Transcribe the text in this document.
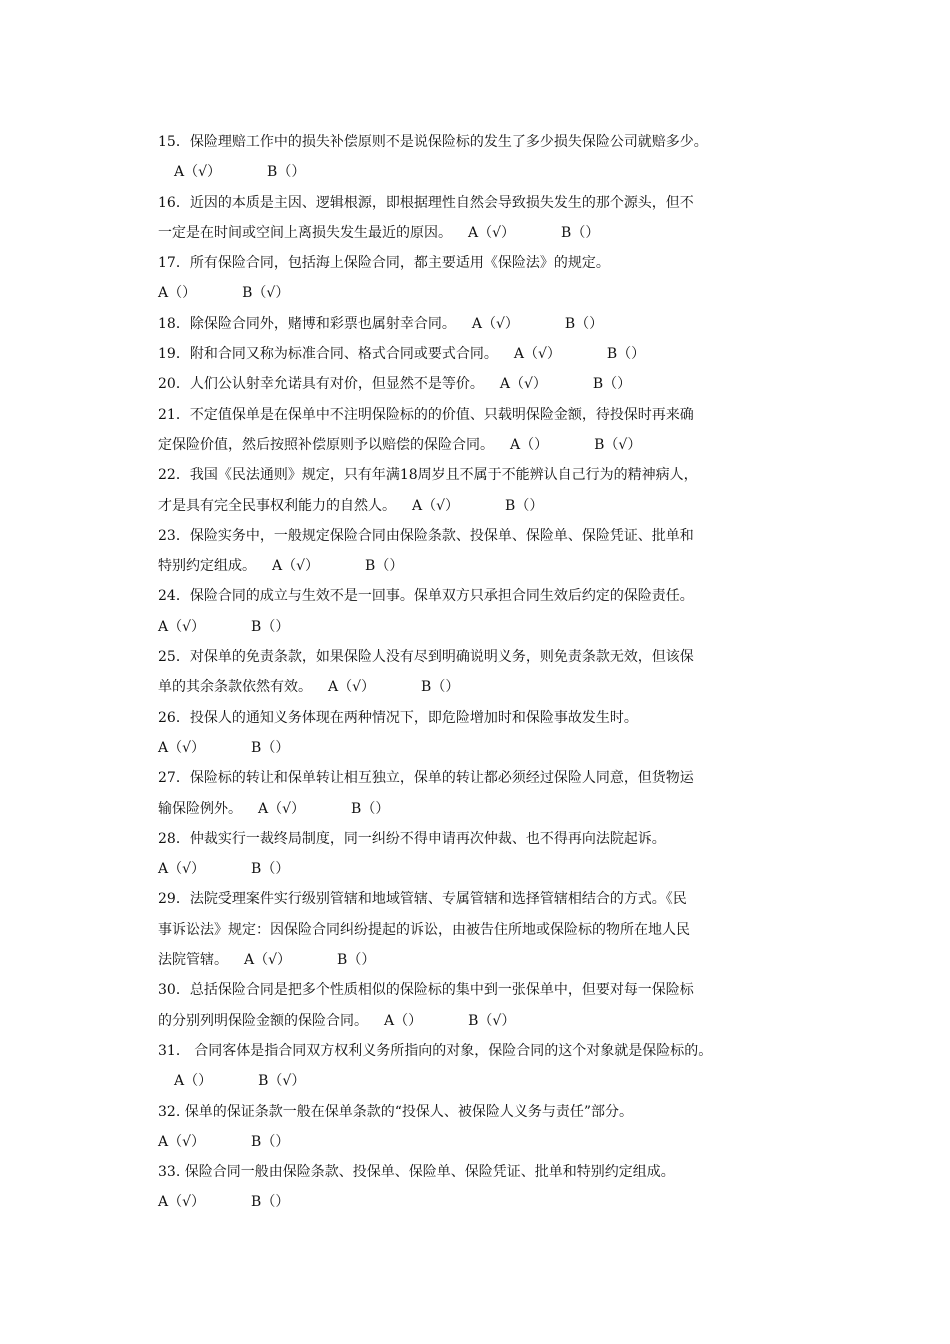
15．保险理赔工作中的损失补偿原则不是说保险标的发生了多少损失保险公司就赔多少。
A（√）	B（）
16．近因的本质是主因、逻辑根源，即根据理性自然会导致损失发生的那个源头，但不
一定是在时间或空间上离损失发生最近的原因。 A（√）	B（）
17．所有保险合同，包括海上保险合同，都主要适用《保险法》的规定。
A（）	B（√）
18．除保险合同外，赌博和彩票也属射幸合同。 A（√）	B（）
19．附和合同又称为标准合同、格式合同或要式合同。 A（√）	B（）
20．人们公认射幸允诺具有对价，但显然不是等价。 A（√）	B（）
21．不定值保单是在保单中不注明保险标的的价值、只载明保险金额，待投保时再来确
定保险价值，然后按照补偿原则予以赔偿的保险合同。 A（）	B（√）
22．我国《民法通则》规定，只有年满18周岁且不属于不能辨认自己行为的精神病人，
才是具有完全民事权利能力的自然人。 A（√）	B（）
23．保险实务中，一般规定保险合同由保险条款、投保单、保险单、保险凭证、批单和
特别约定组成。 A（√）	B（）
24．保险合同的成立与生效不是一回事。保单双方只承担合同生效后约定的保险责任。
A（√）	B（）
25．对保单的免责条款，如果保险人没有尽到明确说明义务，则免责条款无效，但该保
单的其余条款依然有效。 A（√）	B（）
26．投保人的通知义务体现在两种情况下，即危险增加时和保险事故发生时。
A（√）	B（）
27．保险标的转让和保单转让相互独立，保单的转让都必须经过保险人同意，但货物运
输保险例外。 A（√）	B（）
28．仲裁实行一裁终局制度，同一纠纷不得申请再次仲裁、也不得再向法院起诉。
A（√）	B（）
29．法院受理案件实行级别管辖和地域管辖、专属管辖和选择管辖相结合的方式。《民
事诉讼法》规定：因保险合同纠纷提起的诉讼，由被告住所地或保险标的物所在地人民
法院管辖。 A（√）	B（）
30．总括保险合同是把多个性质相似的保险标的集中到一张保单中，但要对每一保险标
的分别列明保险金额的保险合同。 A（）	B（√）
31． 合同客体是指合同双方权利义务所指向的对象，保险合同的这个对象就是保险标的。
A（）	B（√）
32. 保单的保证条款一般在保单条款的“投保人、被保险人义务与责任”部分。
A（√）	B（）
33. 保险合同一般由保险条款、投保单、保险单、保险凭证、批单和特别约定组成。
A（√）	B（）
